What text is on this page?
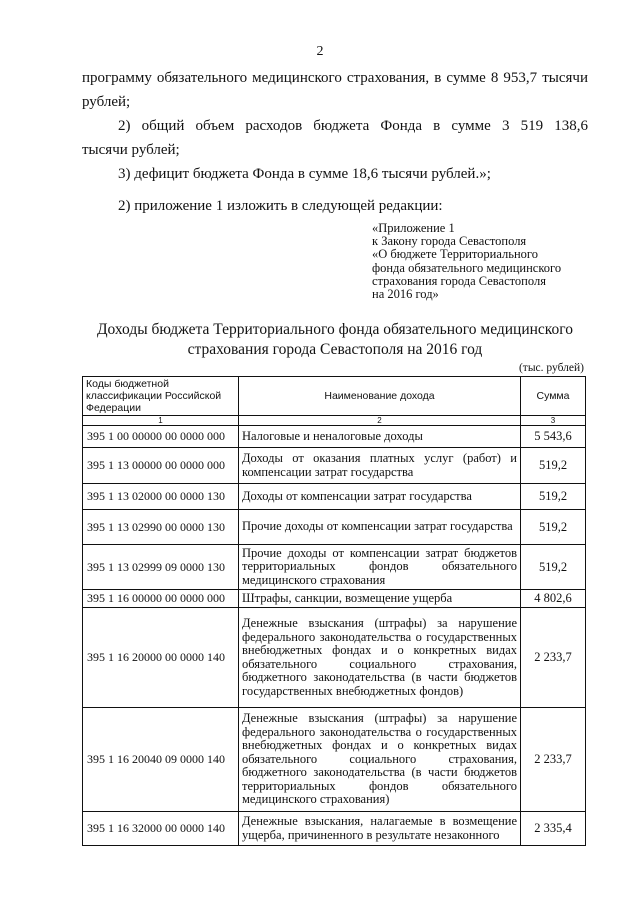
2
программу обязательного медицинского страхования, в сумме 8 953,7 тысячи
рублей;
2) общий объем расходов бюджета Фонда в сумме 3 519 138,6
тысячи рублей;
3) дефицит бюджета Фонда в сумме 18,6 тысячи рублей.»;
2) приложение 1 изложить в следующей редакции:
«Приложение 1
к Закону города Севастополя
«О бюджете Территориального
фонда обязательного медицинского
страхования города Севастополя
на 2016 год»
Доходы бюджета Территориального фонда обязательного медицинского
страхования города Севастополя на 2016 год
(тыс. рублей)
Коды бюджетной классификации Российской Федерации	Наименование дохода	Сумма
1	2	3
395 1 00 00000 00 0000 000	Налоговые и неналоговые доходы	5 543,6
395 1 13 00000 00 0000 000	Доходы от оказания платных услуг (работ) и компенсации затрат государства	519,2
395 1 13 02000 00 0000 130	Доходы от компенсации затрат государства	519,2
395 1 13 02990 00 0000 130	Прочие доходы от компенсации затрат государства	519,2
395 1 13 02999 09 0000 130	Прочие доходы от компенсации затрат бюджетов территориальных фондов обязательного медицинского страхования	519,2
395 1 16 00000 00 0000 000	Штрафы, санкции, возмещение ущерба	4 802,6
395 1 16 20000 00 0000 140	Денежные взыскания (штрафы) за нарушение федерального законодательства о государственных внебюджетных фондах и о конкретных видах обязательного социального страхования, бюджетного законодательства (в части бюджетов государственных внебюджетных фондов)	2 233,7
395 1 16 20040 09 0000 140	Денежные взыскания (штрафы) за нарушение федерального законодательства о государственных внебюджетных фондах и о конкретных видах обязательного социального страхования, бюджетного законодательства (в части бюджетов территориальных фондов обязательного медицинского страхования)	2 233,7
395 1 16 32000 00 0000 140	Денежные взыскания, налагаемые в возмещение ущерба, причиненного в результате незаконного	2 335,4
